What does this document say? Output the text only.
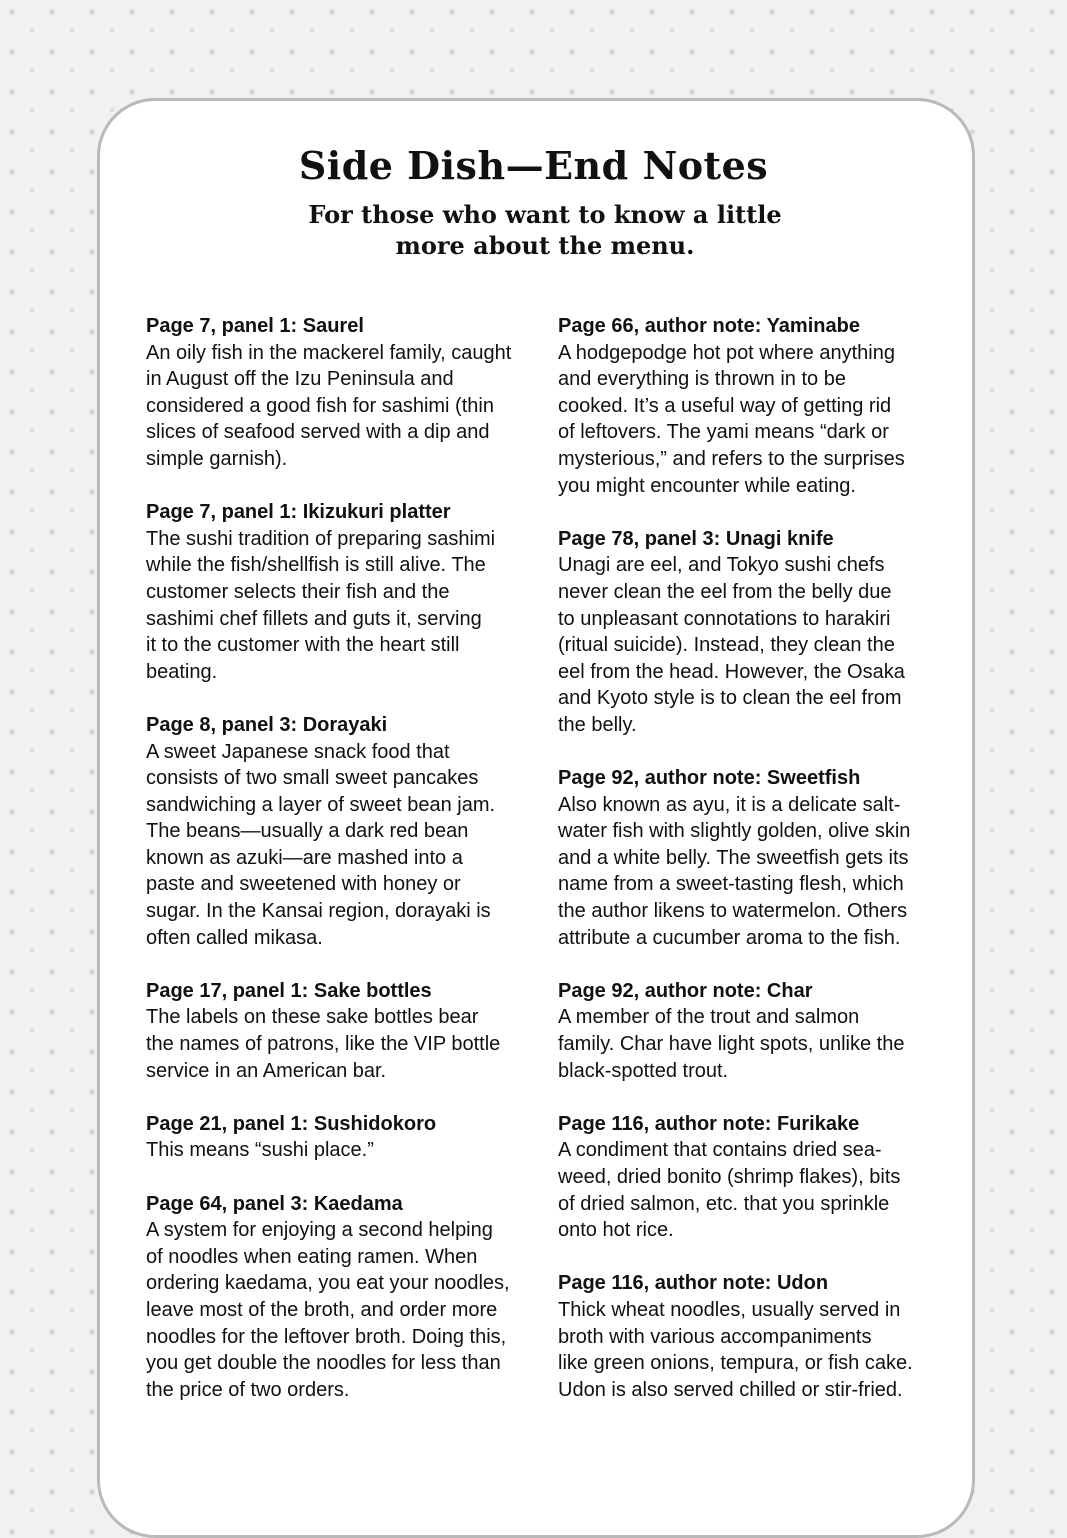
Side Dish—End Notes
For those who want to know a little
more about the menu.
Page 7, panel 1: Saurel
An oily fish in the mackerel family, caught
in August off the Izu Peninsula and
considered a good fish for sashimi (thin
slices of seafood served with a dip and
simple garnish).
Page 7, panel 1: Ikizukuri platter
The sushi tradition of preparing sashimi
while the fish/shellfish is still alive. The
customer selects their fish and the
sashimi chef fillets and guts it, serving
it to the customer with the heart still
beating.
Page 8, panel 3: Dorayaki
A sweet Japanese snack food that
consists of two small sweet pancakes
sandwiching a layer of sweet bean jam.
The beans—usually a dark red bean
known as azuki—are mashed into a
paste and sweetened with honey or
sugar. In the Kansai region, dorayaki is
often called mikasa.
Page 17, panel 1: Sake bottles
The labels on these sake bottles bear
the names of patrons, like the VIP bottle
service in an American bar.
Page 21, panel 1: Sushidokoro
This means “sushi place.”
Page 64, panel 3: Kaedama
A system for enjoying a second helping
of noodles when eating ramen. When
ordering kaedama, you eat your noodles,
leave most of the broth, and order more
noodles for the leftover broth. Doing this,
you get double the noodles for less than
the price of two orders.
Page 66, author note: Yaminabe
A hodgepodge hot pot where anything
and everything is thrown in to be
cooked. It’s a useful way of getting rid
of leftovers. The yami means “dark or
mysterious,” and refers to the surprises
you might encounter while eating.
Page 78, panel 3: Unagi knife
Unagi are eel, and Tokyo sushi chefs
never clean the eel from the belly due
to unpleasant connotations to harakiri
(ritual suicide). Instead, they clean the
eel from the head. However, the Osaka
and Kyoto style is to clean the eel from
the belly.
Page 92, author note: Sweetfish
Also known as ayu, it is a delicate salt-
water fish with slightly golden, olive skin
and a white belly. The sweetfish gets its
name from a sweet-tasting flesh, which
the author likens to watermelon. Others
attribute a cucumber aroma to the fish.
Page 92, author note: Char
A member of the trout and salmon
family. Char have light spots, unlike the
black-spotted trout.
Page 116, author note: Furikake
A condiment that contains dried sea-
weed, dried bonito (shrimp flakes), bits
of dried salmon, etc. that you sprinkle
onto hot rice.
Page 116, author note: Udon
Thick wheat noodles, usually served in
broth with various accompaniments
like green onions, tempura, or fish cake.
Udon is also served chilled or stir-fried.
